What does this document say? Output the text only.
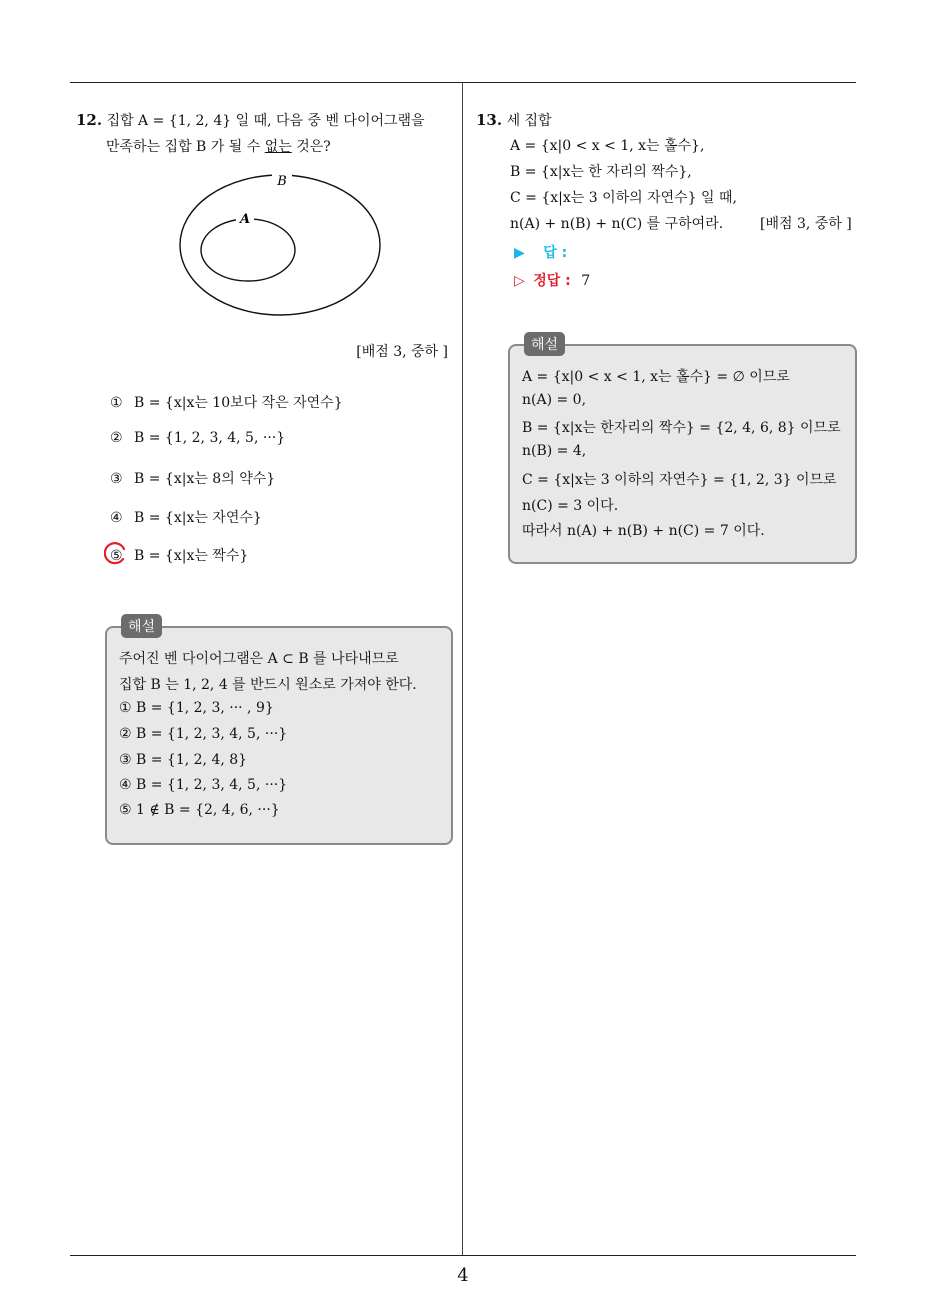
12. 집합 A = {1, 2, 4} 일 때, 다음 중 벤 다이어그램을
만족하는 집합 B 가 될 수 없는 것은?
B
A
[배점 3, 중하 ]
① B = {x|x는 10보다 작은 자연수}
② B = {1, 2, 3, 4, 5, ···}
③ B = {x|x는 8의 약수}
④ B = {x|x는 자연수}
⑤ B = {x|x는 짝수}
해설
주어진 벤 다이어그램은 A ⊂ B 를 나타내므로
집합 B 는 1, 2, 4 를 반드시 원소로 가져야 한다.
① B = {1, 2, 3, ··· , 9}
② B = {1, 2, 3, 4, 5, ···}
③ B = {1, 2, 4, 8}
④ B = {1, 2, 3, 4, 5, ···}
⑤ 1 ∉ B = {2, 4, 6, ···}
13. 세 집합
A = {x|0 < x < 1, x는 홀수},
B = {x|x는 한 자리의 짝수},
C = {x|x는 3 이하의 자연수} 일 때,
n(A) + n(B) + n(C) 를 구하여라.	[배점 3, 중하 ]
▶ 답 :
▷ 정답 : 7
해설
A = {x|0 < x < 1, x는 홀수} = ∅ 이므로
n(A) = 0,
B = {x|x는 한자리의 짝수} = {2, 4, 6, 8} 이므로
n(B) = 4,
C = {x|x는 3 이하의 자연수} = {1, 2, 3} 이므로
n(C) = 3 이다.
따라서 n(A) + n(B) + n(C) = 7 이다.
4
